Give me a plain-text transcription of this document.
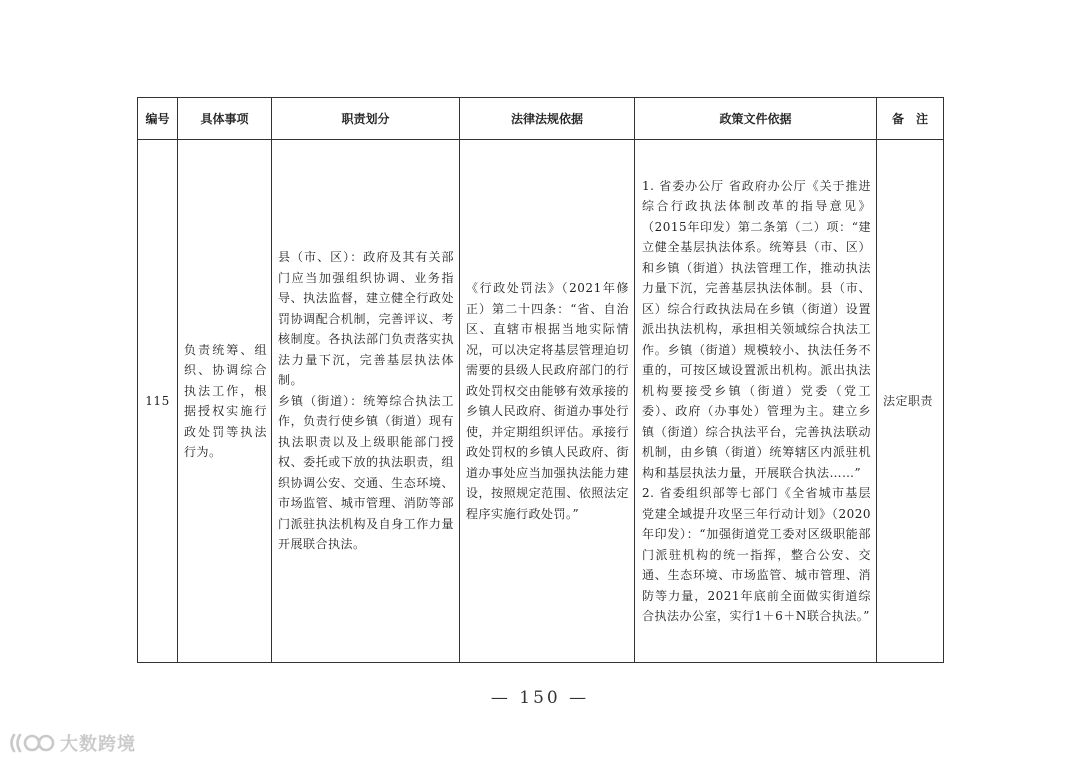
编号	具体事项	职责划分	法律法规依据	政策文件依据	备　注
115	负责统筹、组织、协调综合执法工作，根据授权实施行政处罚等执法行为。	县（市、区）：政府及其有关部门应当加强组织协调、业务指导、执法监督，建立健全行政处罚协调配合机制，完善评议、考核制度。各执法部门负责落实执法力量下沉，完善基层执法体制。
乡镇（街道）：统筹综合执法工作，负责行使乡镇（街道）现有执法职责以及上级职能部门授权、委托或下放的执法职责，组织协调公安、交通、生态环境、市场监管、城市管理、消防等部门派驻执法机构及自身工作力量开展联合执法。	《行政处罚法》（2021年修正）第二十四条：“省、自治区、直辖市根据当地实际情况，可以决定将基层管理迫切需要的县级人民政府部门的行政处罚权交由能够有效承接的乡镇人民政府、街道办事处行使，并定期组织评估。承接行政处罚权的乡镇人民政府、街道办事处应当加强执法能力建设，按照规定范围、依照法定程序实施行政处罚。”	1. 省委办公厅 省政府办公厅《关于推进综合行政执法体制改革的指导意见》（2015年印发）第二条第（二）项：“建立健全基层执法体系。统筹县（市、区）和乡镇（街道）执法管理工作，推动执法力量下沉，完善基层执法体制。县（市、区）综合行政执法局在乡镇（街道）设置派出执法机构，承担相关领域综合执法工作。乡镇（街道）规模较小、执法任务不重的，可按区域设置派出机构。派出执法机构要接受乡镇（街道）党委（党工委）、政府（办事处）管理为主。建立乡镇（街道）综合执法平台，完善执法联动机制，由乡镇（街道）统筹辖区内派驻机构和基层执法力量，开展联合执法……”
2. 省委组织部等七部门《全省城市基层党建全域提升攻坚三年行动计划》（2020年印发）：“加强街道党工委对区级职能部门派驻机构的统一指挥，整合公安、交通、生态环境、市场监管、城市管理、消防等力量，2021年底前全面做实街道综合执法办公室，实行1＋6＋N联合执法。”	法定职责
— 150 —
大数跨境
